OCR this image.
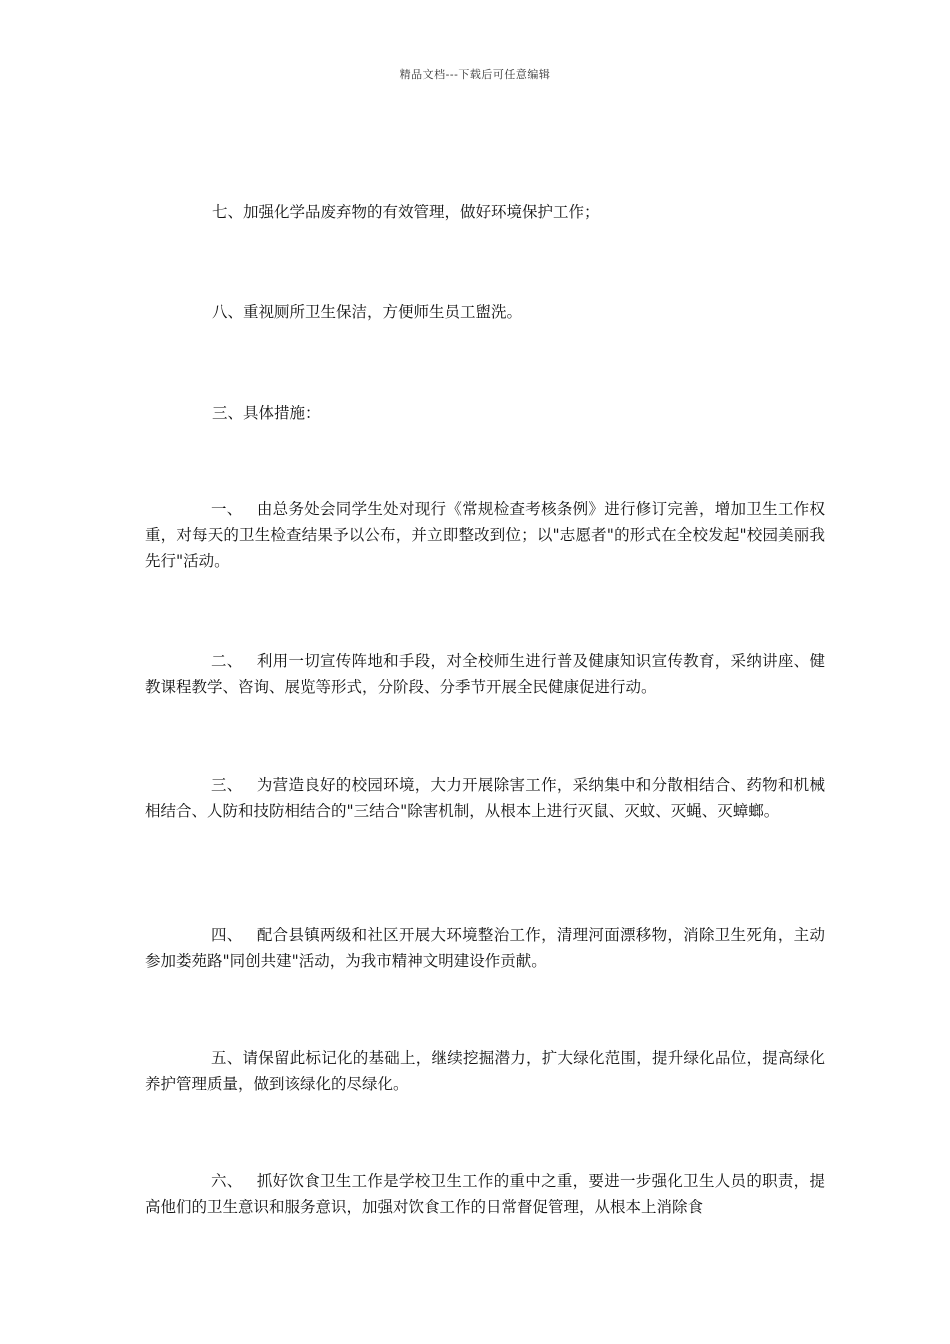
精品文档---下载后可任意编辑
七、加强化学品废弃物的有效管理，做好环境保护工作；
八、重视厕所卫生保洁，方便师生员工盥洗。
三、具体措施：
一、 由总务处会同学生处对现行《常规检查考核条例》进行修订完善，增加卫生工作权重，对每天的卫生检查结果予以公布，并立即整改到位；以"志愿者"的形式在全校发起"校园美丽我先行"活动。
二、 利用一切宣传阵地和手段，对全校师生进行普及健康知识宣传教育，采纳讲座、健教课程教学、咨询、展览等形式，分阶段、分季节开展全民健康促进行动。
三、 为营造良好的校园环境，大力开展除害工作，采纳集中和分散相结合、药物和机械相结合、人防和技防相结合的"三结合"除害机制，从根本上进行灭鼠、灭蚊、灭蝇、灭蟑螂。
四、 配合县镇两级和社区开展大环境整治工作，清理河面漂移物，消除卫生死角，主动参加娄苑路"同创共建"活动，为我市精神文明建设作贡献。
五、请保留此标记化的基础上，继续挖掘潜力，扩大绿化范围，提升绿化品位，提高绿化养护管理质量，做到该绿化的尽绿化。
六、 抓好饮食卫生工作是学校卫生工作的重中之重，要进一步强化卫生人员的职责，提高他们的卫生意识和服务意识，加强对饮食工作的日常督促管理，从根本上消除食
